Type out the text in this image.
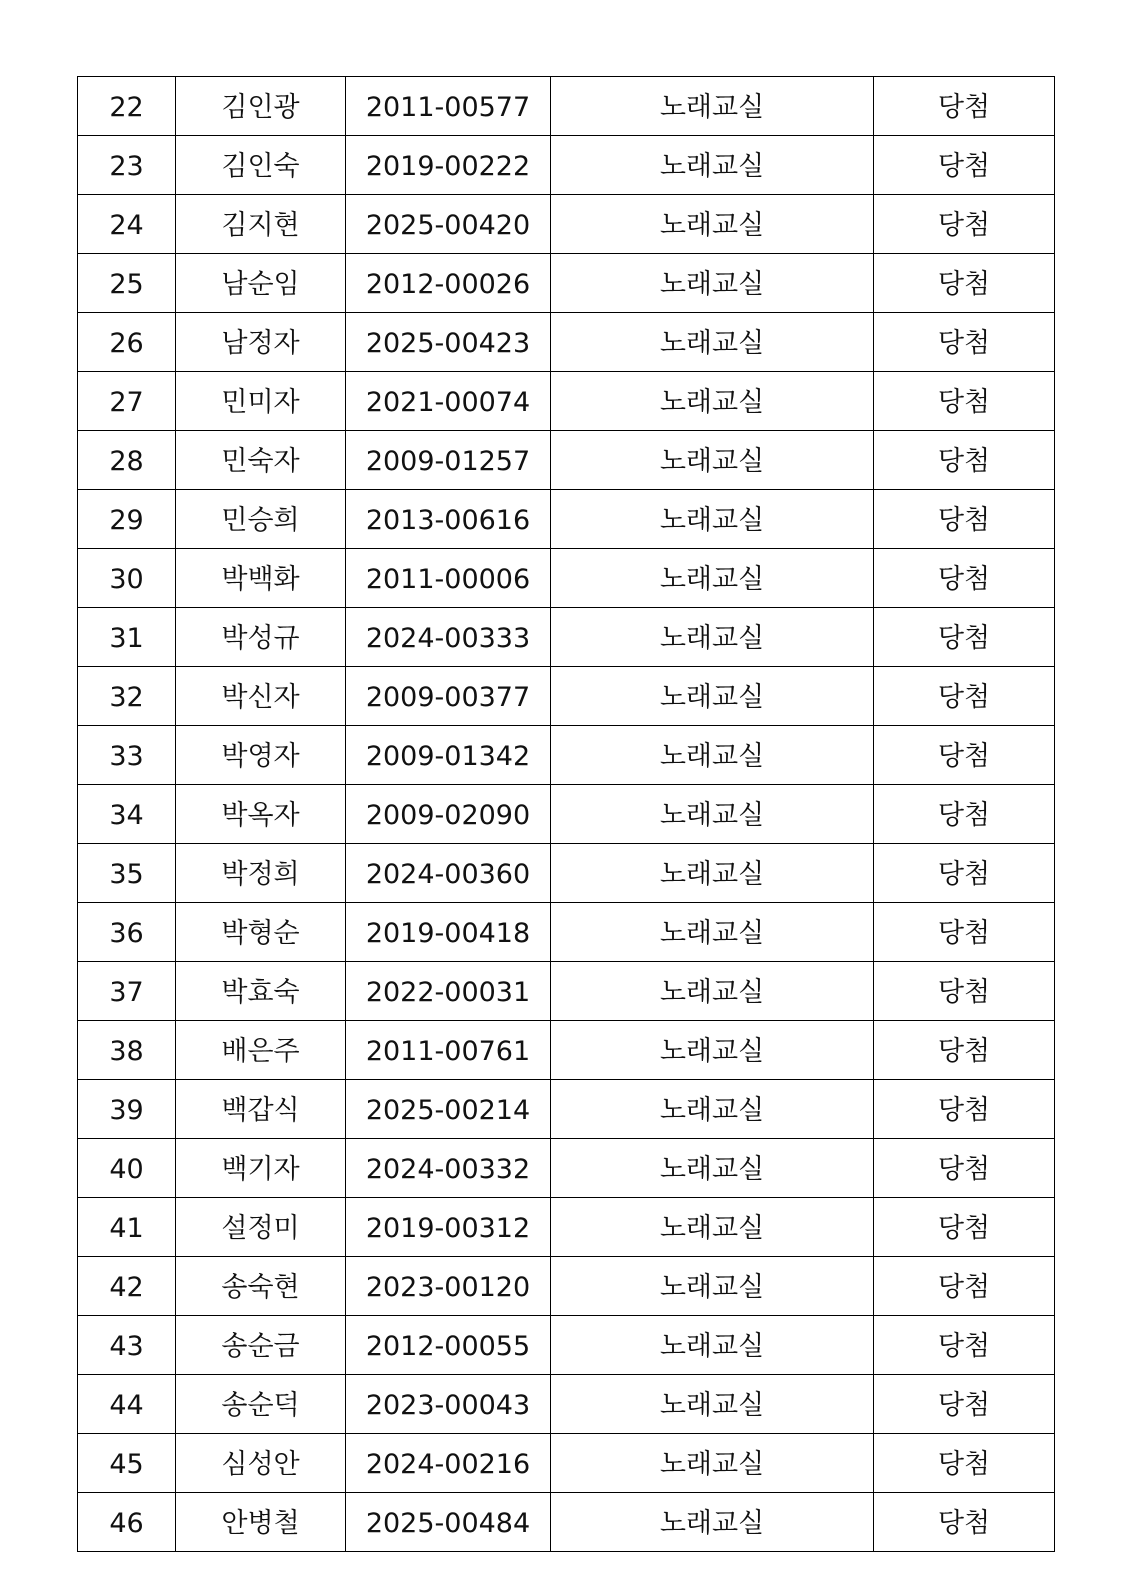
22	김인광	2011-00577	노래교실	당첨
23	김인숙	2019-00222	노래교실	당첨
24	김지현	2025-00420	노래교실	당첨
25	남순임	2012-00026	노래교실	당첨
26	남정자	2025-00423	노래교실	당첨
27	민미자	2021-00074	노래교실	당첨
28	민숙자	2009-01257	노래교실	당첨
29	민승희	2013-00616	노래교실	당첨
30	박백화	2011-00006	노래교실	당첨
31	박성규	2024-00333	노래교실	당첨
32	박신자	2009-00377	노래교실	당첨
33	박영자	2009-01342	노래교실	당첨
34	박옥자	2009-02090	노래교실	당첨
35	박정희	2024-00360	노래교실	당첨
36	박형순	2019-00418	노래교실	당첨
37	박효숙	2022-00031	노래교실	당첨
38	배은주	2011-00761	노래교실	당첨
39	백갑식	2025-00214	노래교실	당첨
40	백기자	2024-00332	노래교실	당첨
41	설정미	2019-00312	노래교실	당첨
42	송숙현	2023-00120	노래교실	당첨
43	송순금	2012-00055	노래교실	당첨
44	송순덕	2023-00043	노래교실	당첨
45	심성안	2024-00216	노래교실	당첨
46	안병철	2025-00484	노래교실	당첨
